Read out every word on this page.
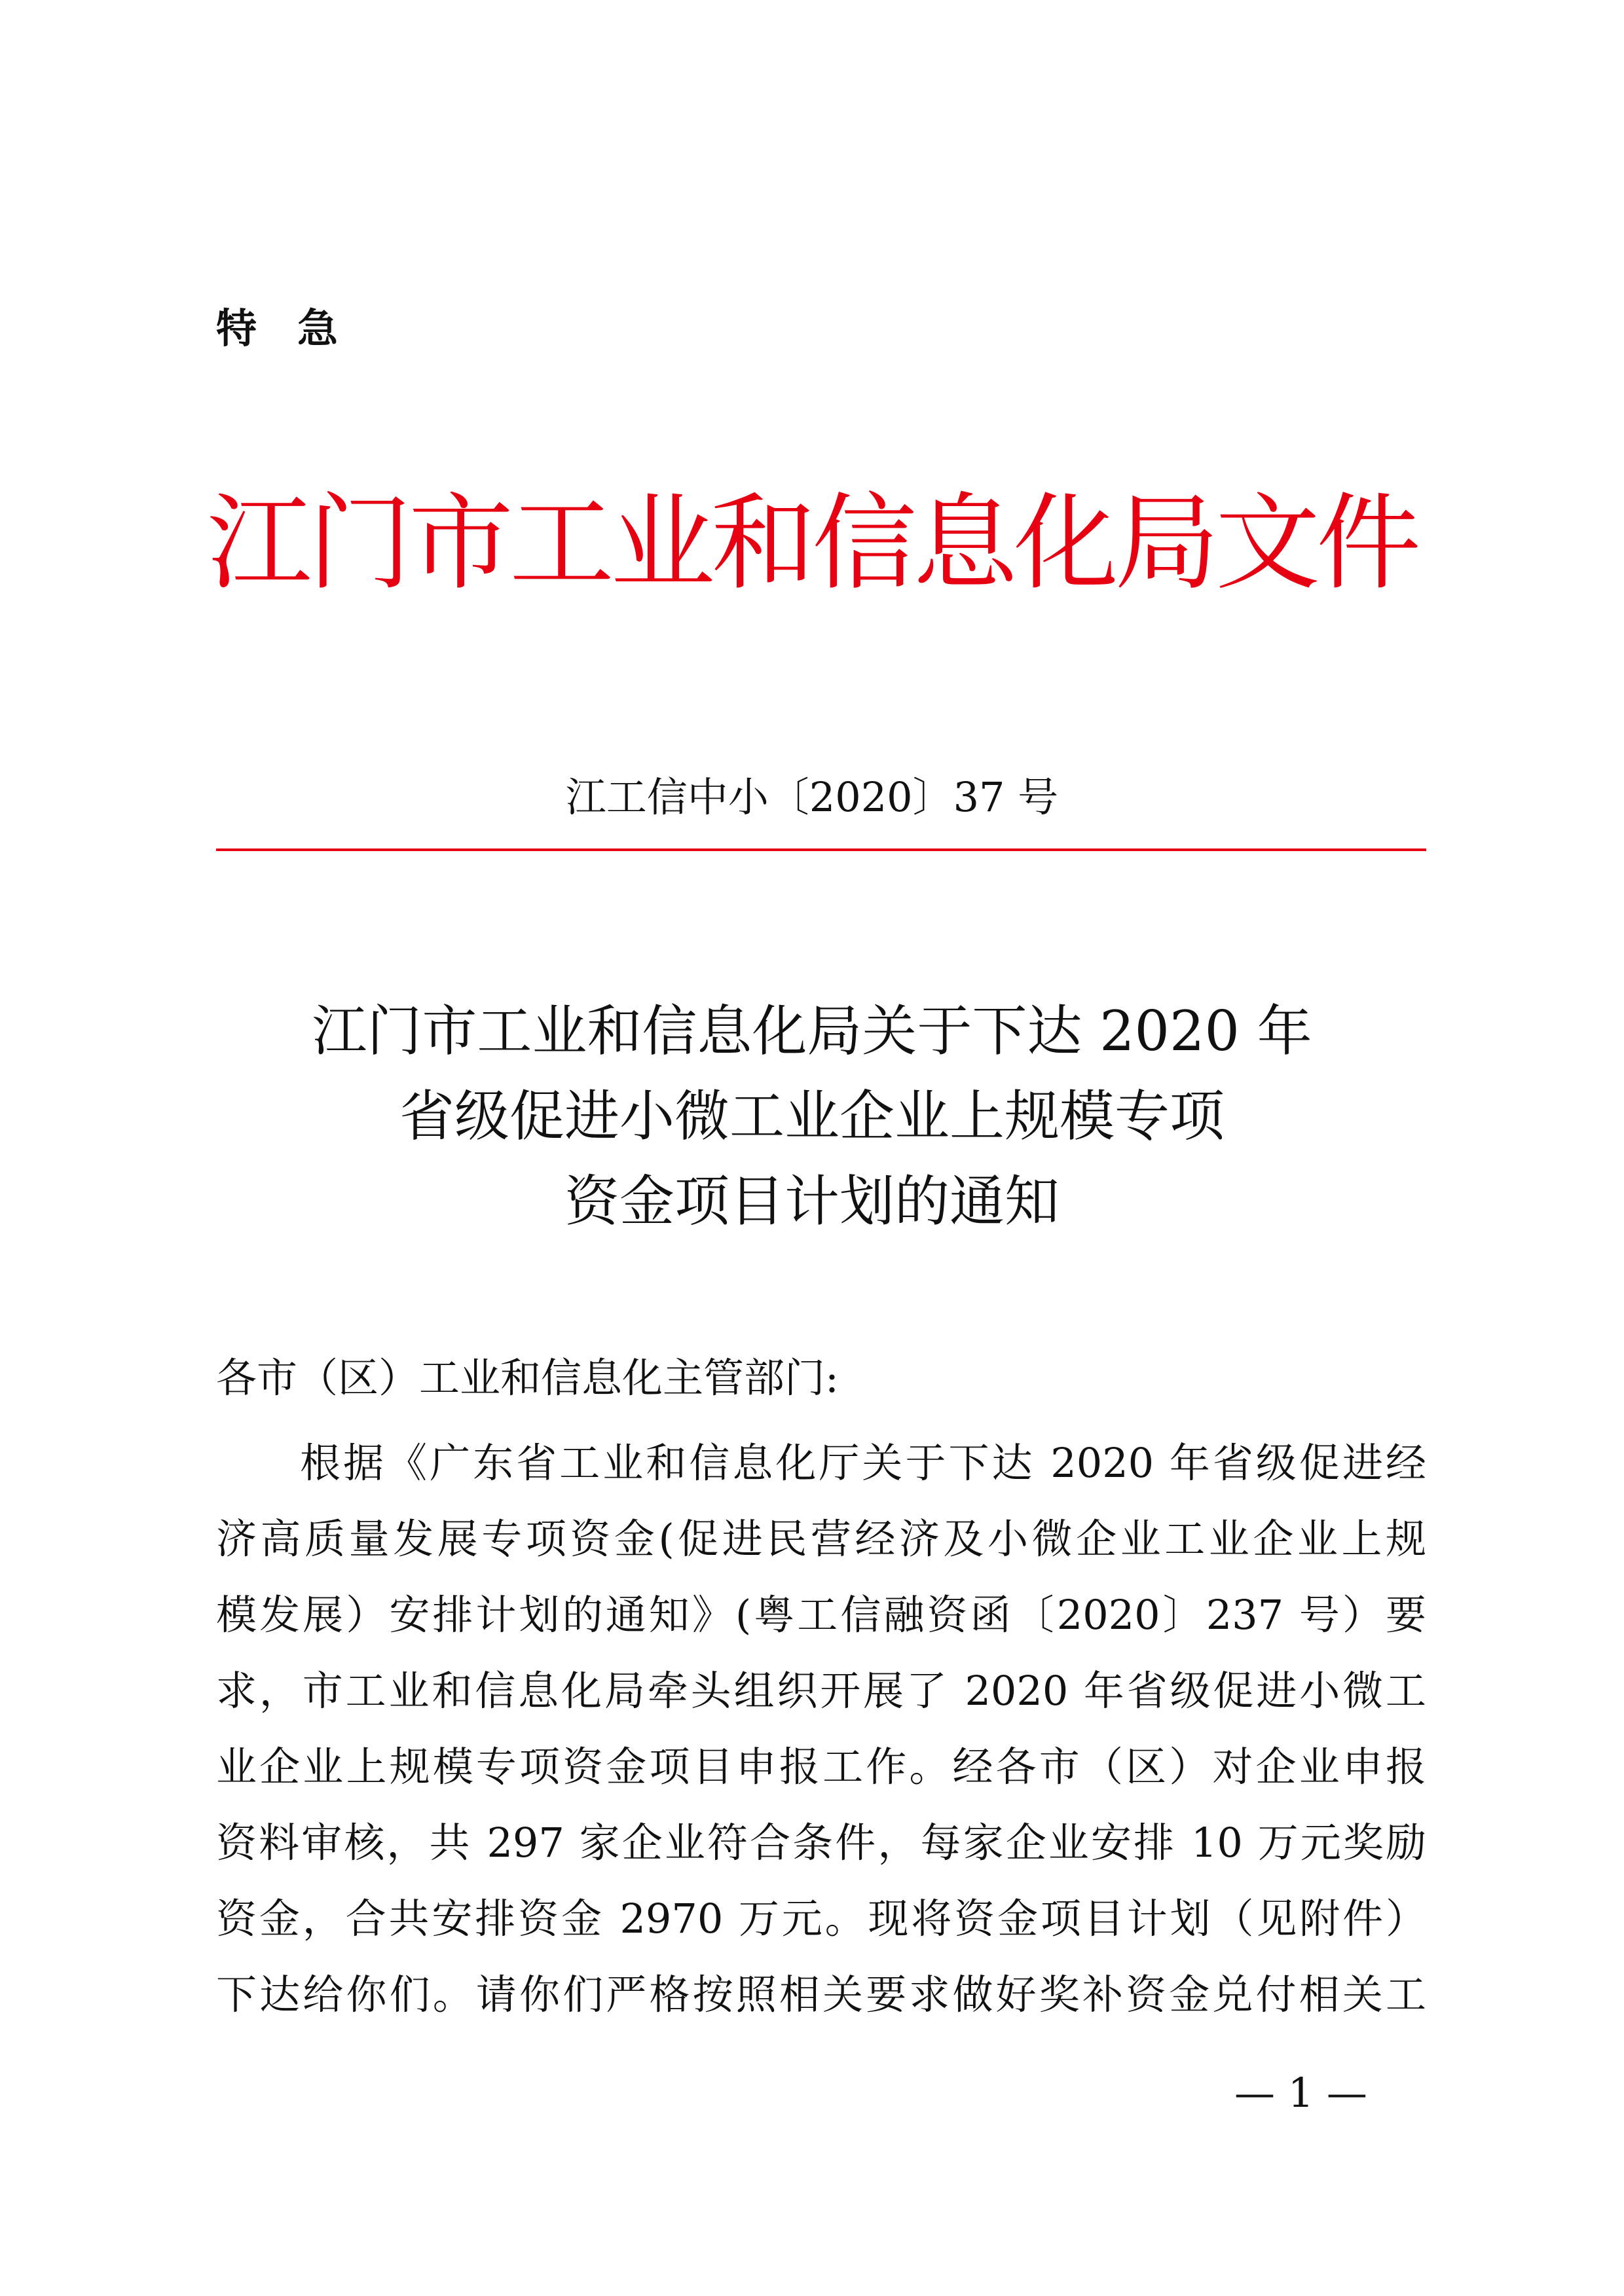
特急
江门市工业和信息化局文件
江工信中小〔2020〕37 号
江门市工业和信息化局关于下达 2020 年
省级促进小微工业企业上规模专项
资金项目计划的通知
各市（区）工业和信息化主管部门:
根据《广东省工业和信息化厅关于下达 2020 年省级促进经
济高质量发展专项资金(促进民营经济及小微企业工业企业上规
模发展）安排计划的通知》(粤工信融资函〔2020〕237 号）要
求，市工业和信息化局牵头组织开展了 2020 年省级促进小微工
业企业上规模专项资金项目申报工作。经各市（区）对企业申报
资料审核，共 297 家企业符合条件，每家企业安排 10 万元奖励
资金，合共安排资金 2970 万元。现将资金项目计划（见附件）
下达给你们。请你们严格按照相关要求做好奖补资金兑付相关工
— 1 —
